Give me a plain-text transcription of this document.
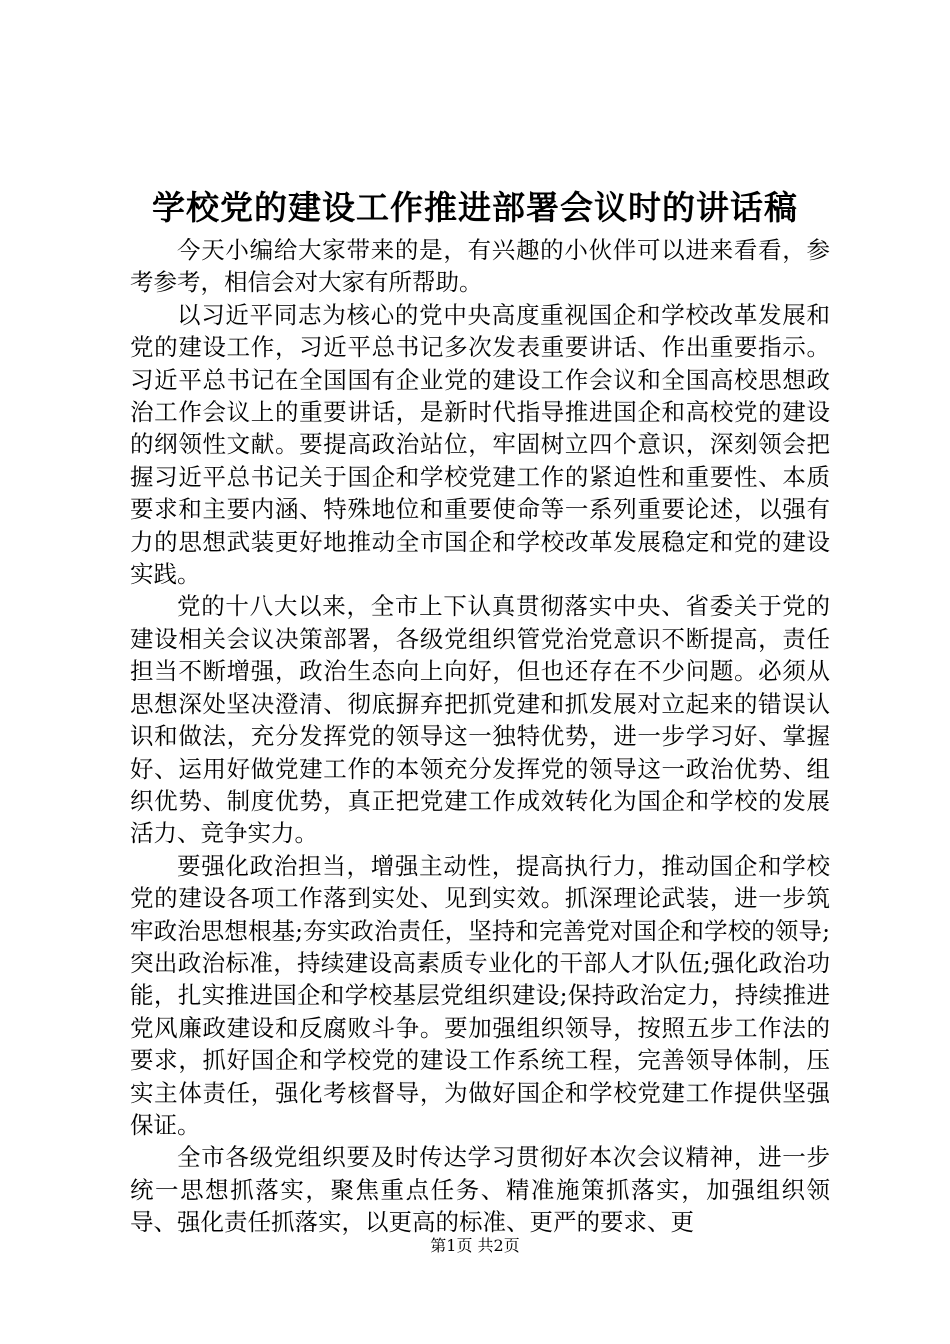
学校党的建设工作推进部署会议时的讲话稿

今天小编给大家带来的是，有兴趣的小伙伴可以进来看看，参考参考，相信会对大家有所帮助。

以习近平同志为核心的党中央高度重视国企和学校改革发展和党的建设工作，习近平总书记多次发表重要讲话、作出重要指示。习近平总书记在全国国有企业党的建设工作会议和全国高校思想政治工作会议上的重要讲话，是新时代指导推进国企和高校党的建设的纲领性文献。要提高政治站位，牢固树立四个意识，深刻领会把握习近平总书记关于国企和学校党建工作的紧迫性和重要性、本质要求和主要内涵、特殊地位和重要使命等一系列重要论述，以强有力的思想武装更好地推动全市国企和学校改革发展稳定和党的建设实践。

党的十八大以来，全市上下认真贯彻落实中央、省委关于党的建设相关会议决策部署，各级党组织管党治党意识不断提高，责任担当不断增强，政治生态向上向好，但也还存在不少问题。必须从思想深处坚决澄清、彻底摒弃把抓党建和抓发展对立起来的错误认识和做法，充分发挥党的领导这一独特优势，进一步学习好、掌握好、运用好做党建工作的本领充分发挥党的领导这一政治优势、组织优势、制度优势，真正把党建工作成效转化为国企和学校的发展活力、竞争实力。

要强化政治担当，增强主动性，提高执行力，推动国企和学校党的建设各项工作落到实处、见到实效。抓深理论武装，进一步筑牢政治思想根基;夯实政治责任，坚持和完善党对国企和学校的领导;突出政治标准，持续建设高素质专业化的干部人才队伍;强化政治功能，扎实推进国企和学校基层党组织建设;保持政治定力，持续推进党风廉政建设和反腐败斗争。要加强组织领导，按照五步工作法的要求，抓好国企和学校党的建设工作系统工程，完善领导体制，压实主体责任，强化考核督导，为做好国企和学校党建工作提供坚强保证。

全市各级党组织要及时传达学习贯彻好本次会议精神，进一步统一思想抓落实，聚焦重点任务、精准施策抓落实，加强组织领导、强化责任抓落实，以更高的标准、更严的要求、更

第1页 共2页
